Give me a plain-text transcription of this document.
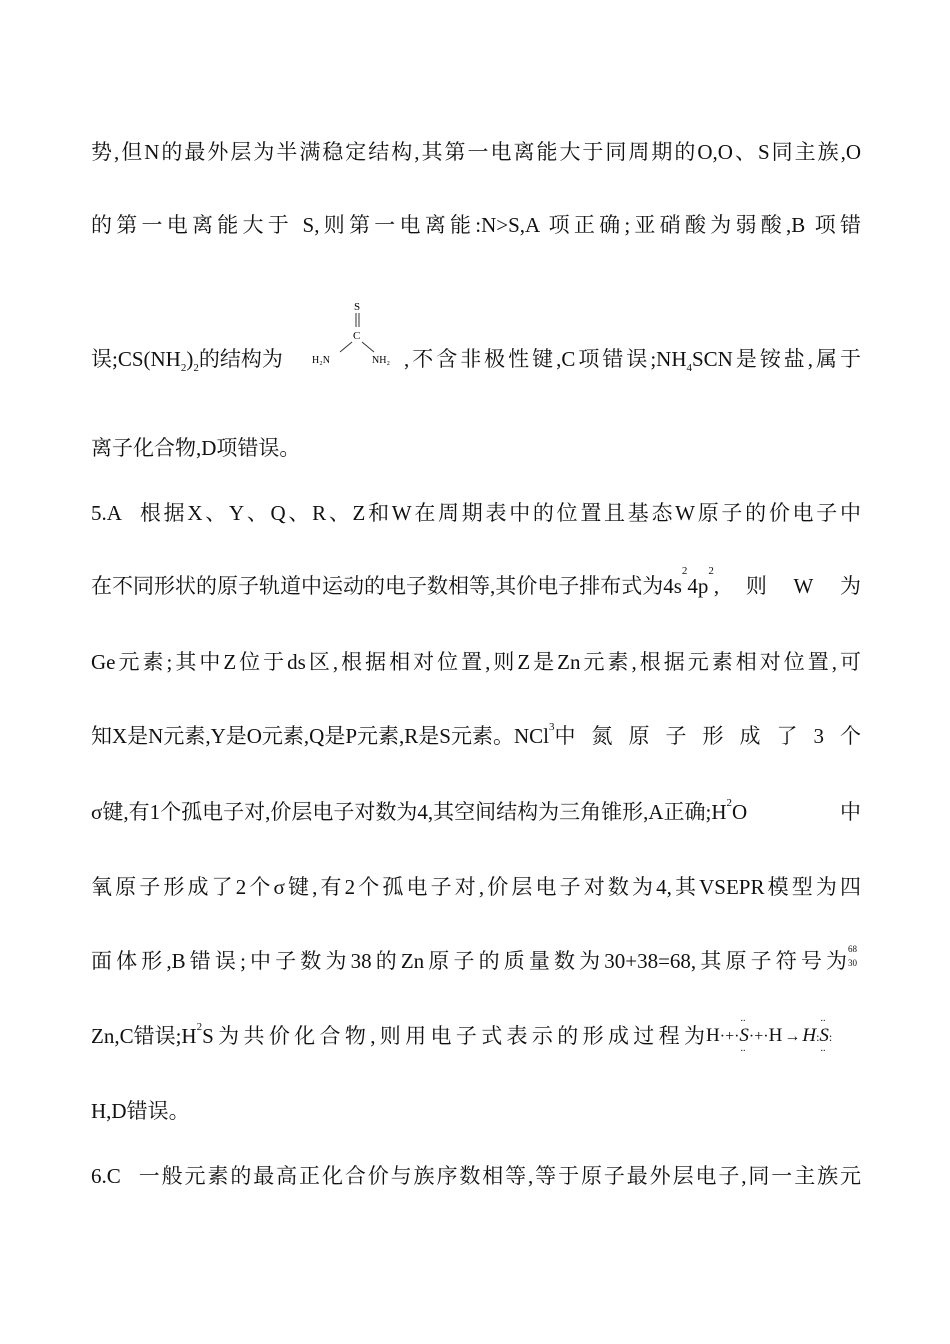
势,但N的最外层为半满稳定结构,其第一电离能大于同周期的O,O、S同主族,O
的第一电离能大于 S,则第一电离能:N>S,A 项正确;亚硝酸为弱酸,B 项错
误$;CS(NH_2)_2$的结构为	,不含非极性键,C项错误$;NH_4SCN$是铵盐,属于
S
C
H₂N	NH₂
离子化合物,D项错误。
5.A 根据X、Y、Q、R、Z和W在周期表中的位置且基态W原子的价电子中
在不同形状的原子轨道中运动的电子数相等,其价电子排布式为4s
2
4p
2
,则W为
Ge元素;其中Z位于ds区,根据相对位置,则Z是Zn元素,根据元素相对位置,可
知X是N元素,Y是O元素,Q是P元素,R是S元素。NCl$_3$ 中氮原子形成了3个
σ键,有1个孤电子对,价层电子对数为4,其空间结构为三角锥形,A正确$;H_2$ O中
氧原子形成了2个σ键,有2个孤电子对,价层电子对数为4,其VSEPR模型为四
面体形,B错误;中子数为38的Zn原子的质量数为30+38=68,其原子符号为 68
30
Zn,C错误$;H_2$ S为共价化合物,则用电子式表示的形成过程为 H·+·S
··
··
·+·H → H:S
··
··
:
H,D错误。
6.C 一般元素的最高正化合价与族序数相等,等于原子最外层电子,同一主族元
